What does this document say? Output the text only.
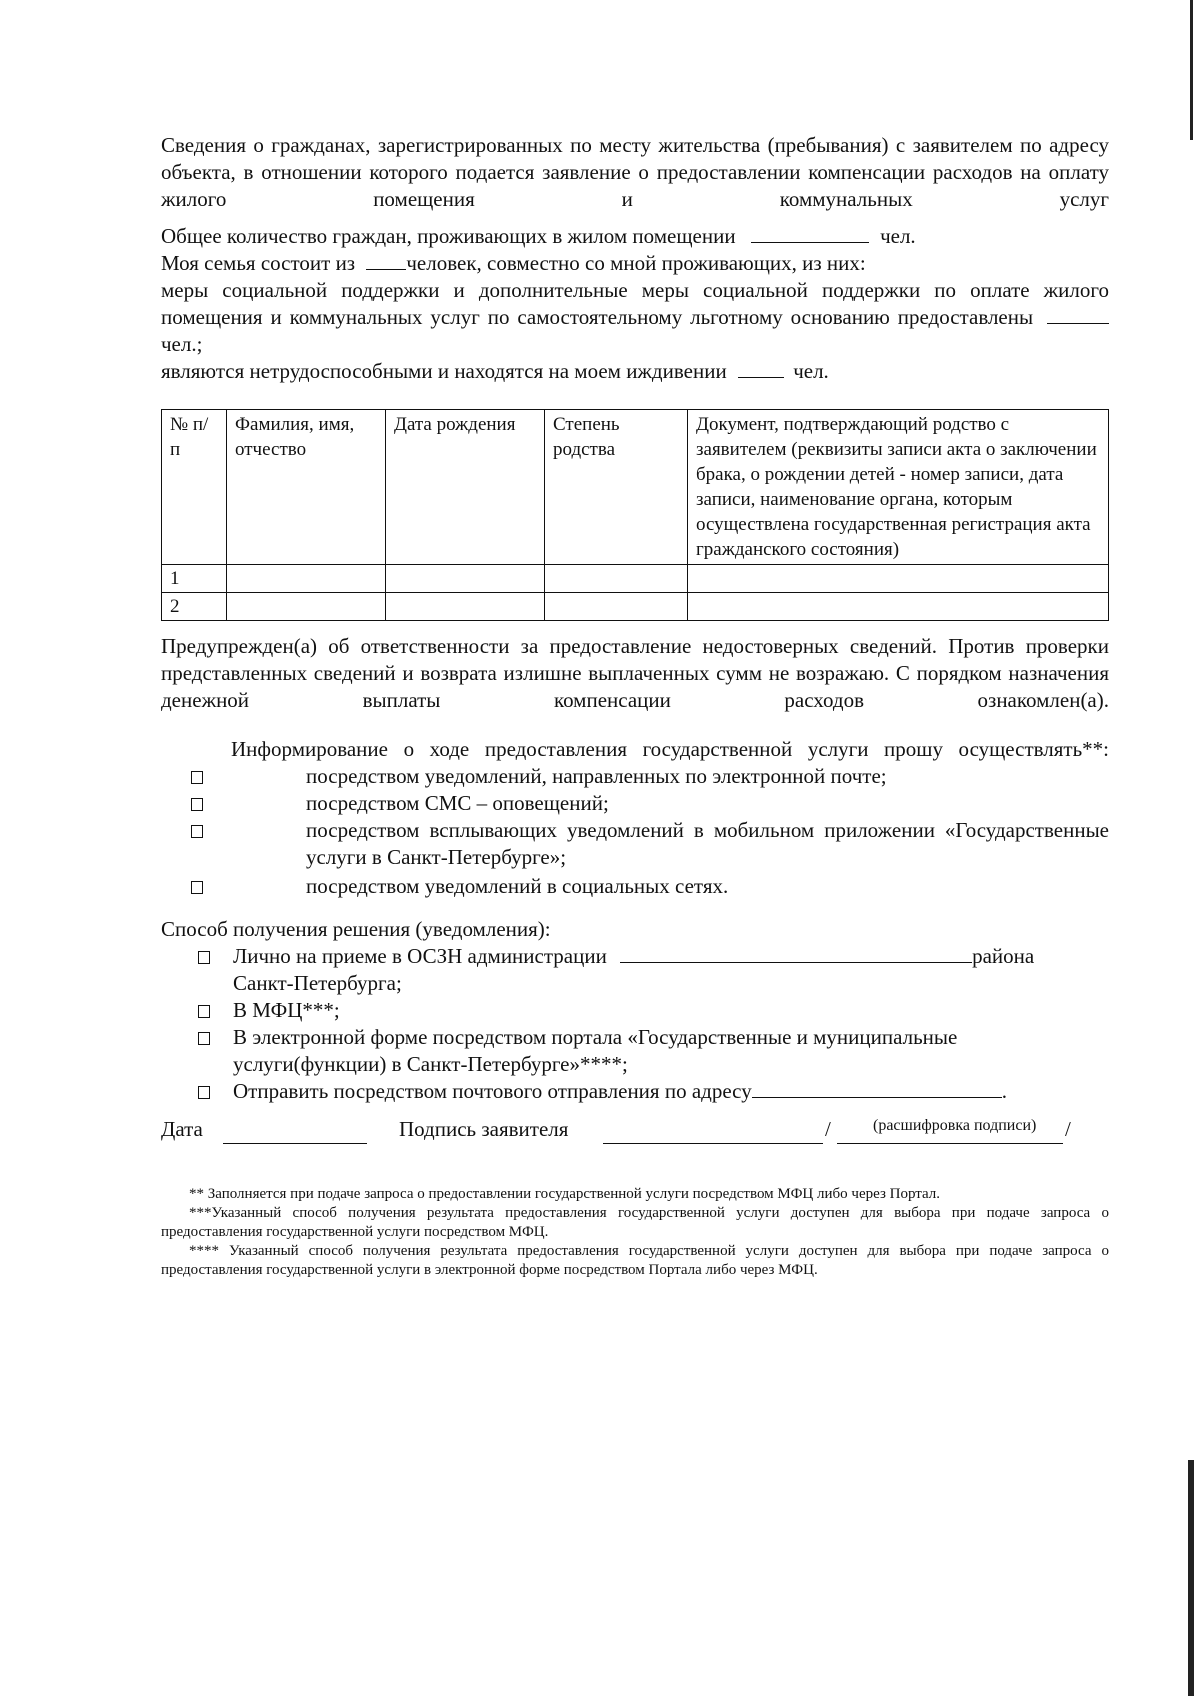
Сведения о гражданах, зарегистрированных по месту жительства (пребывания) с заявителем по адресу объекта, в отношении которого подается заявление о предоставлении компенсации расходов на оплату жилого помещения и коммунальных услуг

Общее количество граждан, проживающих в жилом помещении	чел.

Моя семья состоит из человек, совместно со мной проживающих, из них:

меры социальной поддержки и дополнительные меры социальной поддержки по оплате жилого помещения и коммунальных услуг по самостоятельному льготному основанию предоставлены чел.;

являются нетрудоспособными и находятся на моем иждивении	чел.

№ п/п	Фамилия, имя, отчество	Дата рождения	Степень родства	Документ, подтверждающий родство с заявителем (реквизиты записи акта о заключении брака, о рождении детей - номер записи, дата записи, наименование органа, которым осуществлена государственная регистрация акта гражданского состояния)
1				
2				

Предупрежден(а) об ответственности за предоставление недостоверных сведений. Против проверки представленных сведений и возврата излишне выплаченных сумм не возражаю. С порядком назначения денежной выплаты компенсации расходов ознакомлен(а).

Информирование о ходе предоставления государственной услуги прошу осуществлять**:

посредством уведомлений, направленных по электронной почте;
посредством СМС – оповещений;
посредством всплывающих уведомлений в мобильном приложении «Государственные услуги в Санкт-Петербурге»;
посредством уведомлений в социальных сетях.

Способ получения решения (уведомления):

Лично на приеме в ОСЗН администрации	района
Санкт-Петербурга;
В МФЦ***;
В электронной форме посредством портала «Государственные и муниципальные услуги(функции) в Санкт-Петербурге»****;
Отправить посредством почтового отправления по адресу	.
Дата	Подпись заявителя	/	/
(расшифровка подписи)

** Заполняется при подаче запроса о предоставлении государственной услуги посредством МФЦ либо через Портал.

***Указанный способ получения результата предоставления государственной услуги доступен для выбора при подаче запроса о предоставления государственной услуги посредством МФЦ.

**** Указанный способ получения результата предоставления государственной услуги доступен для выбора при подаче запроса о предоставления государственной услуги в электронной форме посредством Портала либо через МФЦ.
